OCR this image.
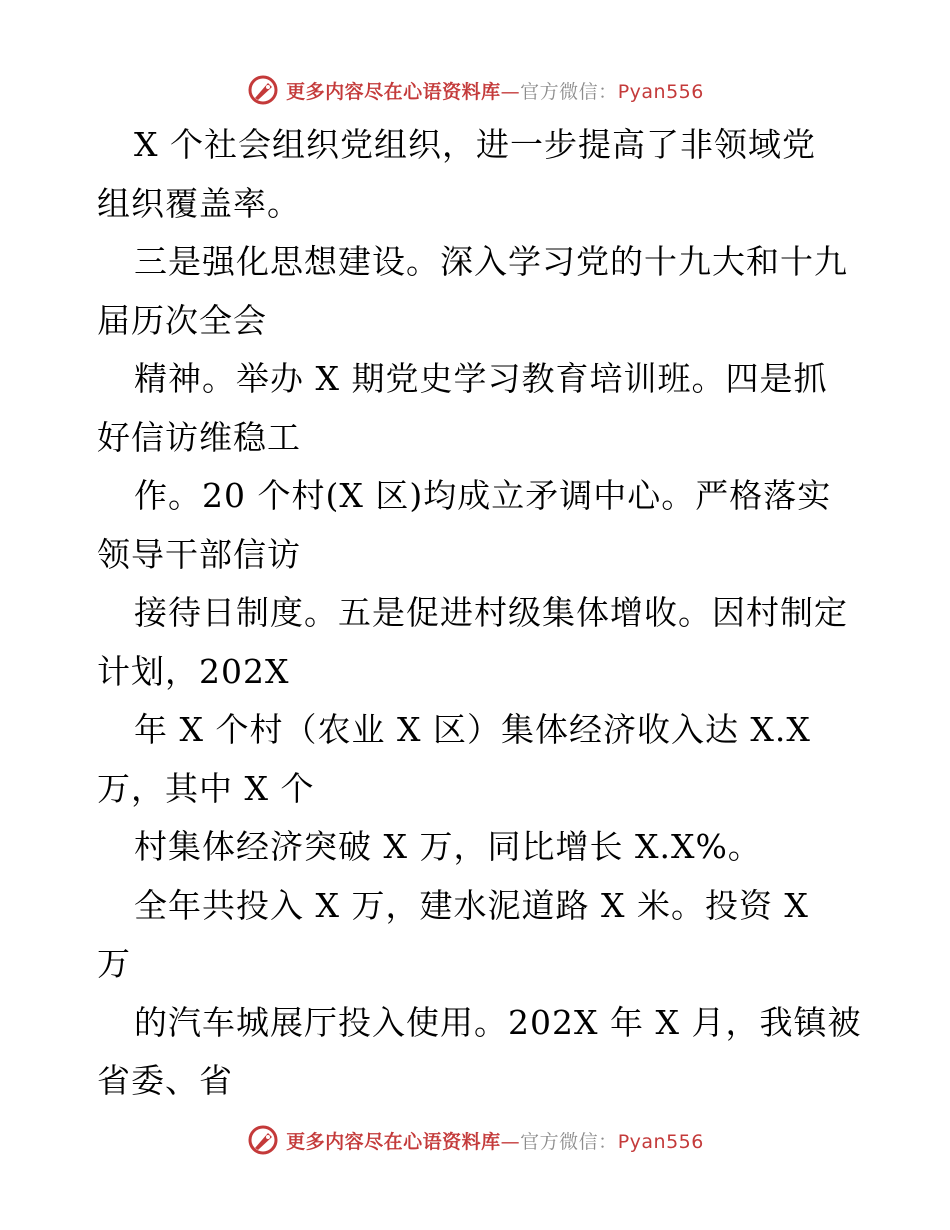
更多内容尽在心语资料库—官方微信：Pyan556
X 个社会组织党组织，进一步提高了非领域党
组织覆盖率。
三是强化思想建设。深入学习党的十九大和十九
届历次全会
精神。举办 X 期党史学习教育培训班。四是抓
好信访维稳工
作。20 个村(X 区)均成立矛调中心。严格落实
领导干部信访
接待日制度。五是促进村级集体增收。因村制定
计划，202X
年 X 个村（农业 X 区）集体经济收入达 X.X
万，其中 X 个
村集体经济突破 X 万，同比增长 X.X%。
全年共投入 X 万，建水泥道路 X 米。投资 X
万
的汽车城展厅投入使用。202X 年 X 月，我镇被
省委、省
更多内容尽在心语资料库—官方微信：Pyan556
